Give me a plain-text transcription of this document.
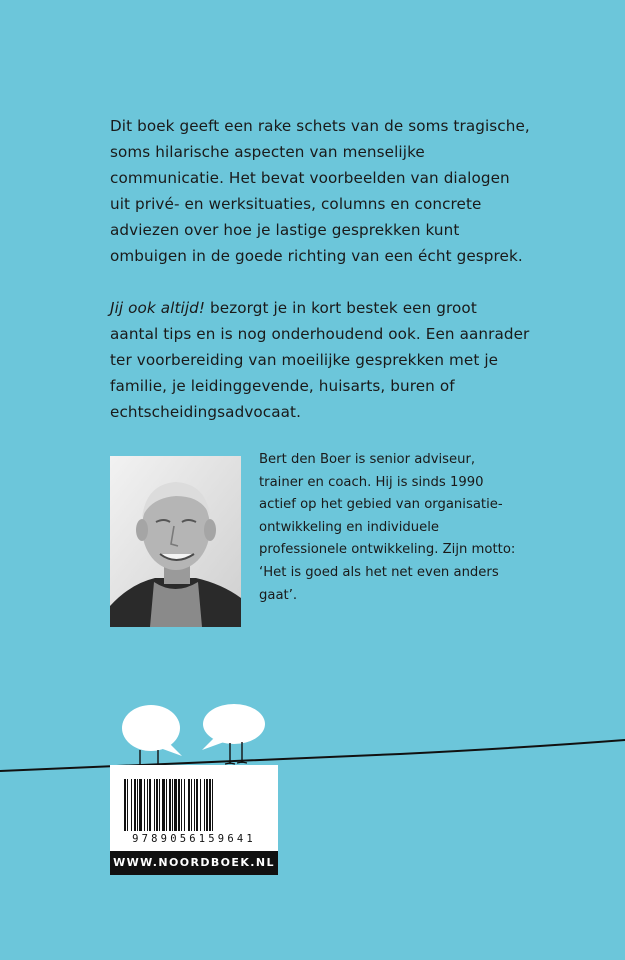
Dit boek geeft een rake schets van de soms tragische, soms hilarische aspecten van menselijke communicatie. Het bevat voorbeelden van dialogen uit privé- en werksituaties, columns en concrete adviezen over hoe je lastige gesprekken kunt ombuigen in de goede richting van een écht gesprek.

Jij ook altijd! bezorgt je in kort bestek een groot aantal tips en is nog onderhoudend ook. Een aanrader ter voorbereiding van moeilijke gesprekken met je familie, je leidinggevende, huisarts, buren of echtscheidingsadvocaat.

Bert den Boer is senior adviseur, trainer en coach. Hij is sinds 1990 actief op het gebied van organisatieontwikkeling en individuele professionele ontwikkeling. Zijn motto: ‘Het is goed als het net even anders gaat’.
9789056159641
WWW.NOORDBOEK.NL
